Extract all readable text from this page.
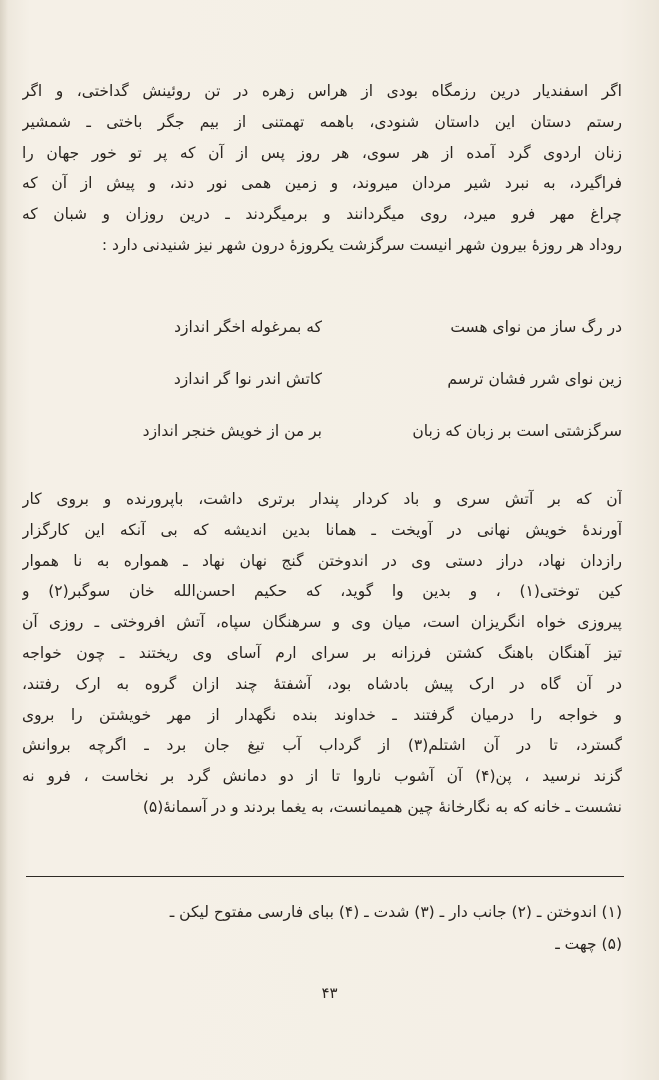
اگر اسفندیار درین رزمگاه بودی از هراس زهره در تن روئینش گداختی، و اگر
رستم دستان این داستان شنودی، باهمه تهمتنی از بیم جگر باختی ـ شمشیر
زنان اردوی گرد آمده از هر سوی، هر روز پس از آن که پر تو خور جهان را
فراگیرد، به نبرد شیر مردان میروند، و زمین همی نور دند، و پیش از آن که
چراغ مهر فرو میرد، روی میگردانند و برمیگردند ـ درین روزان و شبان که
روداد هر روزهٔ بیرون شهر انیست سرگزشت یکروزهٔ درون شهر نیز شنیدنی دارد :
در رگ ساز من نوای هست
که بمرغوله اخگر اندازد
زین نوای شرر فشان ترسم
کاتش اندر نوا گر اندازد
سرگزشتی است بر زبان که زبان
بر من از خویش خنجر اندازد
آن که بر آتش سری و باد کردار پندار برتری داشت، باپرورنده و بروی کار
آورندهٔ خویش نهانی در آویخت ـ همانا بدین اندیشه که بی آنکه این کارگزار
رازدان نهاد، دراز دستی وی در اندوختن گنج نهان نهاد ـ همواره به نا هموار
کین توختی(۱) ، و بدین وا گوید، که حکیم احسن‌الله خان سوگبر(۲) و
پیروزی خواه انگریزان است، میان وی و سرهنگان سپاه، آتش افروختی ـ روزی آن
تیز آهنگان باهنگ کشتن فرزانه بر سرای ارم آسای وی ریختند ـ چون خواجه
در آن گاه در ارک پیش بادشاه بود، آشفتهٔ چند ازان گروه به ارک رفتند،
و خواجه را درمیان گرفتند ـ خداوند بنده نگهدار از مهر خویشتن را بروی
گسترد، تا در آن اشتلم(۳) از گرداب آب تیغ جان برد ـ اگرچه بروانش
گزند نرسید ، پن(۴) آن آشوب ناروا تا از دو دمانش گرد بر نخاست ، فرو نه
نشست ـ خانه که به نگارخانهٔ چین همیمانست، به یغما بردند و در آسمانهٔ(۵)
(۱) اندوختن ـ (۲) جانب دار ـ (۳) شدت ـ (۴) بباى فارسی مفتوح لیکن ـ
(۵) چهت ـ
۴۳
